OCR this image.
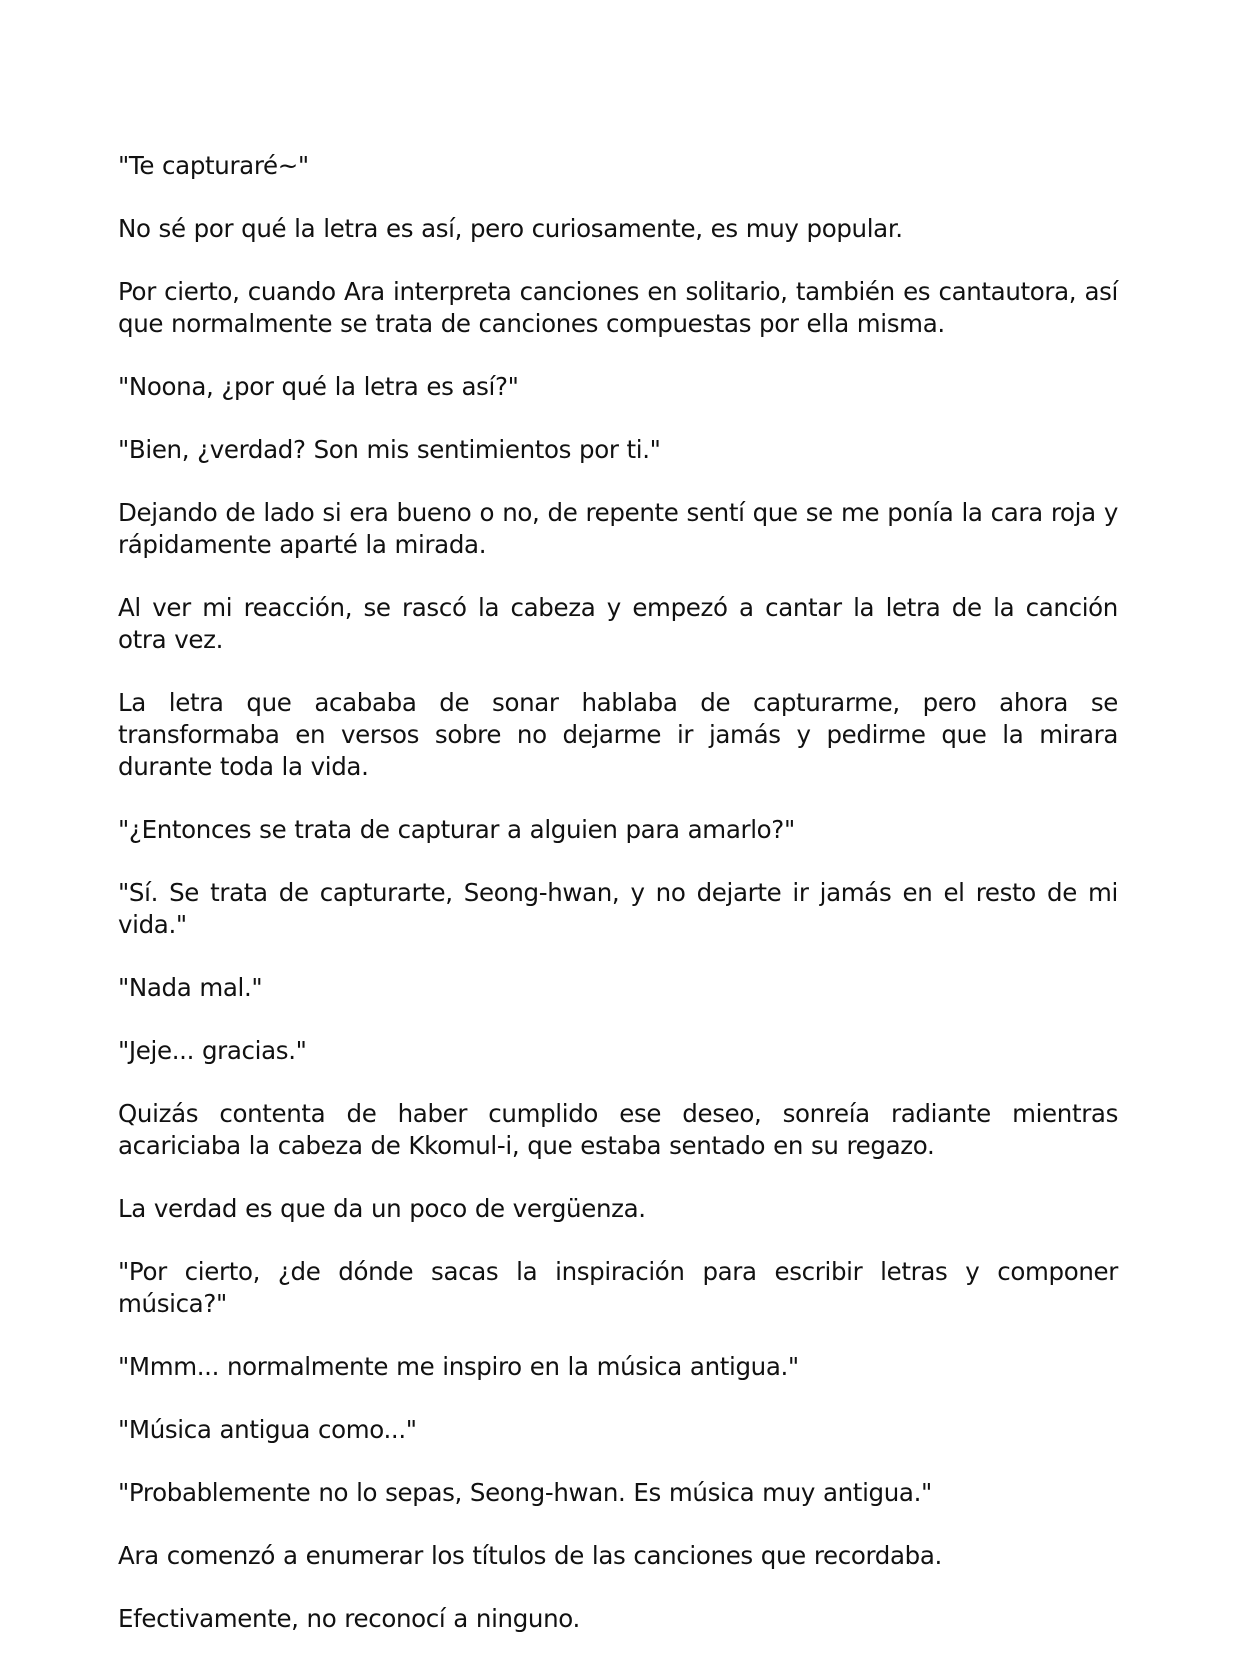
"Te capturaré~"

No sé por qué la letra es así, pero curiosamente, es muy popular.

Por cierto, cuando Ara interpreta canciones en solitario, también es cantautora, así que normalmente se trata de canciones compuestas por ella misma.

"Noona, ¿por qué la letra es así?"

"Bien, ¿verdad? Son mis sentimientos por ti."

Dejando de lado si era bueno o no, de repente sentí que se me ponía la cara roja y rápidamente aparté la mirada.

Al ver mi reacción, se rascó la cabeza y empezó a cantar la letra de la canción otra vez.

La letra que acababa de sonar hablaba de capturarme, pero ahora se transformaba en versos sobre no dejarme ir jamás y pedirme que la mirara durante toda la vida.

"¿Entonces se trata de capturar a alguien para amarlo?"

"Sí. Se trata de capturarte, Seong-hwan, y no dejarte ir jamás en el resto de mi vida."

"Nada mal."

"Jeje... gracias."

Quizás contenta de haber cumplido ese deseo, sonreía radiante mientras acariciaba la cabeza de Kkomul-i, que estaba sentado en su regazo.

La verdad es que da un poco de vergüenza.

"Por cierto, ¿de dónde sacas la inspiración para escribir letras y componer música?"

"Mmm... normalmente me inspiro en la música antigua."

"Música antigua como..."

"Probablemente no lo sepas, Seong-hwan. Es música muy antigua."

Ara comenzó a enumerar los títulos de las canciones que recordaba.

Efectivamente, no reconocí a ninguno.
